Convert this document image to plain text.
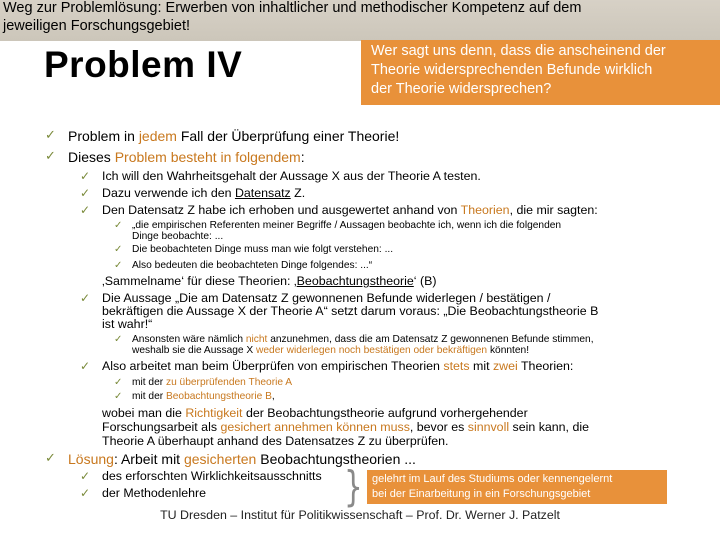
Weg zur Problemlösung: Erwerben von inhaltlicher und methodischer Kompetenz auf dem
jeweiligen Forschungsgebiet!
Problem IV	Wer sagt uns denn, dass die anscheinend der
Theorie widersprechenden Befunde wirklich
der Theorie widersprechen?
✓ Problem in jedem Fall der Überprüfung einer Theorie!
✓ Dieses Problem besteht in folgendem:
✓ Ich will den Wahrheitsgehalt der Aussage X aus der Theorie A testen.
✓ Dazu verwende ich den Datensatz Z.
✓ Den Datensatz Z habe ich erhoben und ausgewertet anhand von Theorien, die mir sagten:
✓ „die empirischen Referenten meiner Begriffe / Aussagen beobachte ich, wenn ich die folgenden
Dinge beobachte: ...
✓ Die beobachteten Dinge muss man wie folgt verstehen: ...
✓ Also bedeuten die beobachteten Dinge folgendes: ...“
‚Sammelname‘ für diese Theorien: ‚Beobachtungstheorie‘ (B)
✓ Die Aussage „Die am Datensatz Z gewonnenen Befunde widerlegen / bestätigen /
bekräftigen die Aussage X der Theorie A“ setzt darum voraus: „Die Beobachtungstheorie B
ist wahr!“
✓ Ansonsten wäre nämlich nicht anzunehmen, dass die am Datensatz Z gewonnenen Befunde stimmen,
weshalb sie die Aussage X weder widerlegen noch bestätigen oder bekräftigen könnten!
✓ Also arbeitet man beim Überprüfen von empirischen Theorien stets mit zwei Theorien:
✓ mit der zu überprüfenden Theorie A
✓ mit der Beobachtungstheorie B,
wobei man die Richtigkeit der Beobachtungstheorie aufgrund vorhergehender
Forschungsarbeit als gesichert annehmen können muss, bevor es sinnvoll sein kann, die
Theorie A überhaupt anhand des Datensatzes Z zu überprüfen.
✓ Lösung: Arbeit mit gesicherten Beobachtungstheorien ...
✓ des erforschten Wirklichkeitsausschnitts
✓ der Methodenlehre	} gelehrt im Lauf des Studiums oder kennengelernt
bei der Einarbeitung in ein Forschungsgebiet
TU Dresden – Institut für Politikwissenschaft – Prof. Dr. Werner J. Patzelt
